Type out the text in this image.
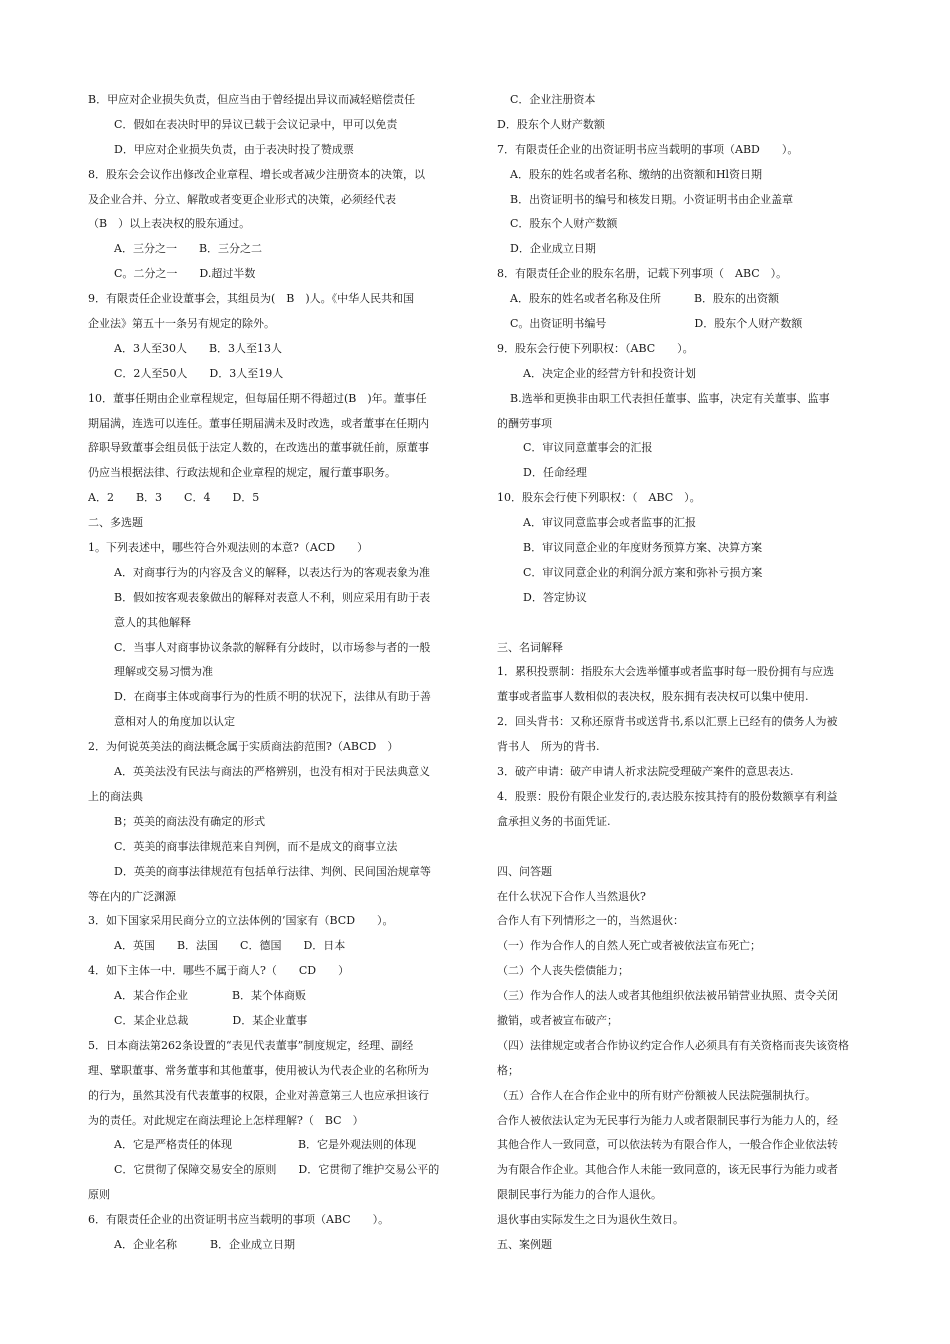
B．甲应对企业损失负责，但应当由于曾经提出异议而减轻赔偿责任
C．假如在表决时甲的异议已载于会议记录中，甲可以免责
D．甲应对企业损失负责，由于表决时投了赞成票
8．股东会会议作出修改企业章程、增长或者减少注册资本的决策，以
及企业合并、分立、解散或者变更企业形式的决策，必须经代表
（B　）以上表决权的股东通过。
A．三分之一　　B．三分之二
C。二分之一　　D.超过半数
9．有限责任企业设董事会，其组员为(　B　)人。《中华人民共和国
企业法》第五十一条另有规定的除外。
A．3人至30人　　B．3人至13人
C．2人至50人　　D．3人至19人
10．董事任期由企业章程规定，但每届任期不得超过(B　)年。董事任
期届满，连选可以连任。董事任期届满未及时改选，或者董事在任期内
辞职导致董事会组员低于法定人数的，在改选出的董事就任前，原董事
仍应当根据法律、行政法规和企业章程的规定，履行董事职务。
A．2　　B．3　　C．4　　D．5
二、多选题
1。下列表述中，哪些符合外观法则的本意?（ACD　　）
A．对商事行为的内容及含义的解释，以表达行为的客观表象为准
B．假如按客观表象做出的解释对表意人不利，则应采用有助于表
意人的其他解释
C．当事人对商事协议条款的解释有分歧时，以市场参与者的一般
理解或交易习惯为准
D．在商事主体或商事行为的性质不明的状况下，法律从有助于善
意相对人的角度加以认定
2．为何说英美法的商法概念属于实质商法韵范围?（ABCD　）
A．英美法没有民法与商法的严格辨别，也没有相对于民法典意义
上的商法典
B；英美的商法没有确定的形式
C．英美的商事法律规范来自判例，而不是成文的商事立法
D．英美的商事法律规范有包括单行法律、判例、民间国治规章等
等在内的广泛渊源
3．如下国家采用民商分立的立法体例的’国家有（BCD　　）。
A．英国　　B．法国　　C．德国　　D．日本
4．如下主体一中．哪些不属于商人?（　　CD　　）
A．某合作企业　　　　B．某个体商贩
C．某企业总裁　　　　D．某企业董事
5．日本商法第262条设置的“表见代表董事”制度规定，经理、副经
理、擘职董事、常务董事和其他董事，使用被认为代表企业的名称所为
的行为，虽然其没有代表董事的权限，企业对善意第三人也应承担该行
为的责任。对此规定在商法理论上怎样理解?（　BC　）
A．它是严格责任的体现　　　　　　B．它是外观法则的体现
C．它贯彻了保障交易安全的原则　　D．它贯彻了维护交易公平的
原则
6．有限责任企业的出资证明书应当载明的事项（ABC　　）。
A．企业名称　　　B．企业成立日期
C．企业注册资本
D．股东个人财产数额
7．有限责任企业的出资证明书应当载明的事项（ABD　　）。
A．股东的姓名或者名称、缴纳的出资额和Hl资日期
B．出资证明书的编号和核发日期。小资证明书由企业盖章
C．股东个人财产数额
D．企业成立日期
8．有限责任企业的股东名册，记载下列事项（　ABC　）。
A．股东的姓名或者名称及住所　　　B．股东的出资额
C。出资证明书编号　　　　　　　　D．股东个人财产数额
9．股东会行使下列职权：（ABC　　）。
A．决定企业的经营方针和投资计划
B.选举和更换非由职工代表担任董事、监事，决定有关董事、监事
的酬劳事项
C．审议同意董事会的汇报
D．任命经理
10．股东会行使下列职权：（　ABC　）。
A．审议同意监事会或者监事的汇报
B．审议同意企业的年度财务预算方案、决算方案
C．审议同意企业的利润分派方案和弥补亏损方案
D．答定协议
三、名词解释
1．累积投票制：指股东大会选举懂事或者监事时每一股份拥有与应选
董事或者监事人数相似的表决权，股东拥有表决权可以集中使用.
2．回头背书：又称还原背书或送背书,系以汇票上已经有的债务人为被
背书人　所为的背书.
3．破产申请：破产申请人祈求法院受理破产案件的意思表达.
4．股票：股份有限企业发行的,表达股东按其持有的股份数额享有利益
盒承担义务的书面凭证.
四、问答题
在什么状况下合作人当然退伙?
合作人有下列情形之一的，当然退伙：
（一）作为合作人的自然人死亡或者被依法宣布死亡；
（二）个人丧失偿债能力；
（三）作为合作人的法人或者其他组织依法被吊销营业执照、责令关闭
撤销，或者被宣布破产；
（四）法律规定或者合作协议约定合作人必须具有有关资格而丧失该资格
格；
（五）合作人在合作企业中的所有财产份额被人民法院强制执行。
合作人被依法认定为无民事行为能力人或者限制民事行为能力人的，经
其他合作人一致同意，可以依法转为有限合作人，一般合作企业依法转
为有限合作企业。其他合作人未能一致同意的，该无民事行为能力或者
限制民事行为能力的合作人退伙。
退伙事由实际发生之日为退伙生效日。
五、案例题
